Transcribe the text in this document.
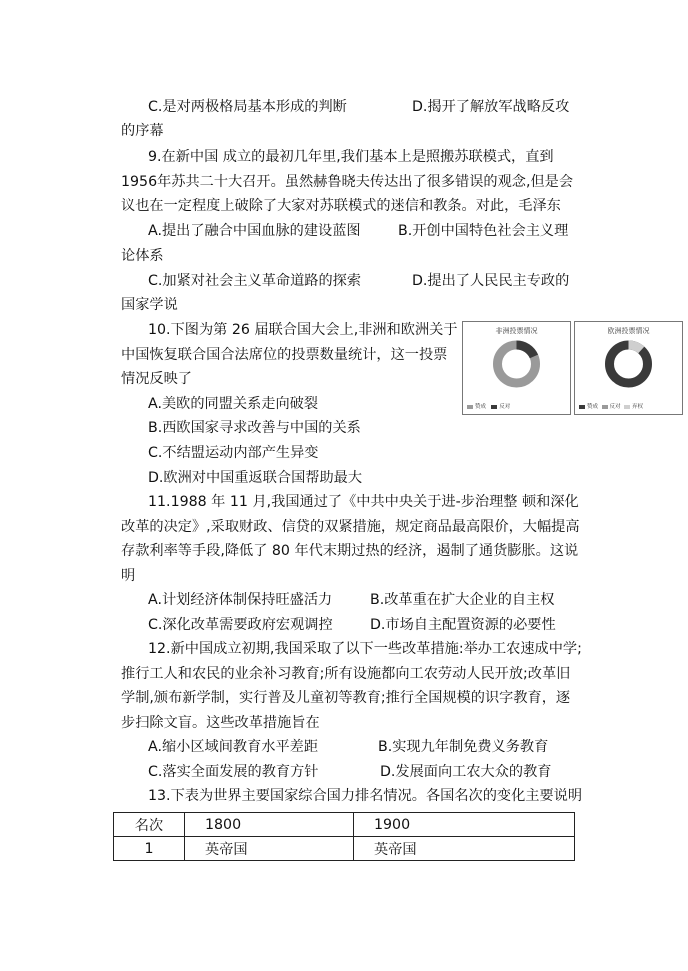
C.是对两极格局基本形成的判断	D.揭开了解放军战略反攻
的序幕
9.在新中国 成立的最初几年里,我们基本上是照搬苏联模式，直到
1956年苏共二十大召开。虽然赫鲁晓夫传达出了很多错误的观念,但是会
议也在一定程度上破除了大家对苏联模式的迷信和教条。对此，毛泽东
A.提出了融合中国血脉的建设蓝图	B.开创中国特色社会主义理
论体系
C.加紧对社会主义革命道路的探索	D.提出了人民民主专政的
国家学说
10.下图为第 26 届联合国大会上,非洲和欧洲关于
中国恢复联合国合法席位的投票数量统计，这一投票
情况反映了
A.美欧的同盟关系走向破裂
B.西欧国家寻求改善与中国的关系
C.不结盟运动内部产生异变
D.欧洲对中国重返联合国帮助最大
非洲投票情况
赞成 反对
欧洲投票情况
赞成 反对 弃权
11.1988 年 11 月,我国通过了《中共中央关于进-步治理整 顿和深化
改革的决定》,采取财政、信贷的双紧措施，规定商品最高限价，大幅提高
存款利率等手段,降低了 80 年代末期过热的经济，遏制了通货膨胀。这说
明
A.计划经济体制保持旺盛活力	B.改革重在扩大企业的自主权
C.深化改革需要政府宏观调控	D.市场自主配置资源的必要性
12.新中国成立初期,我国采取了以下一些改革措施:举办工农速成中学;
推行工人和农民的业余补习教育;所有设施都向工农劳动人民开放;改革旧
学制,颁布新学制，实行普及儿童初等教育;推行全国规模的识字教育，逐
步扫除文盲。这些改革措施旨在
A.缩小区域间教育水平差距	B.实现九年制免费义务教育
C.落实全面发展的教育方针	D.发展面向工农大众的教育
13.下表为世界主要国家综合国力排名情况。各国名次的变化主要说明
名次	1800	1900
1	英帝国	英帝国
